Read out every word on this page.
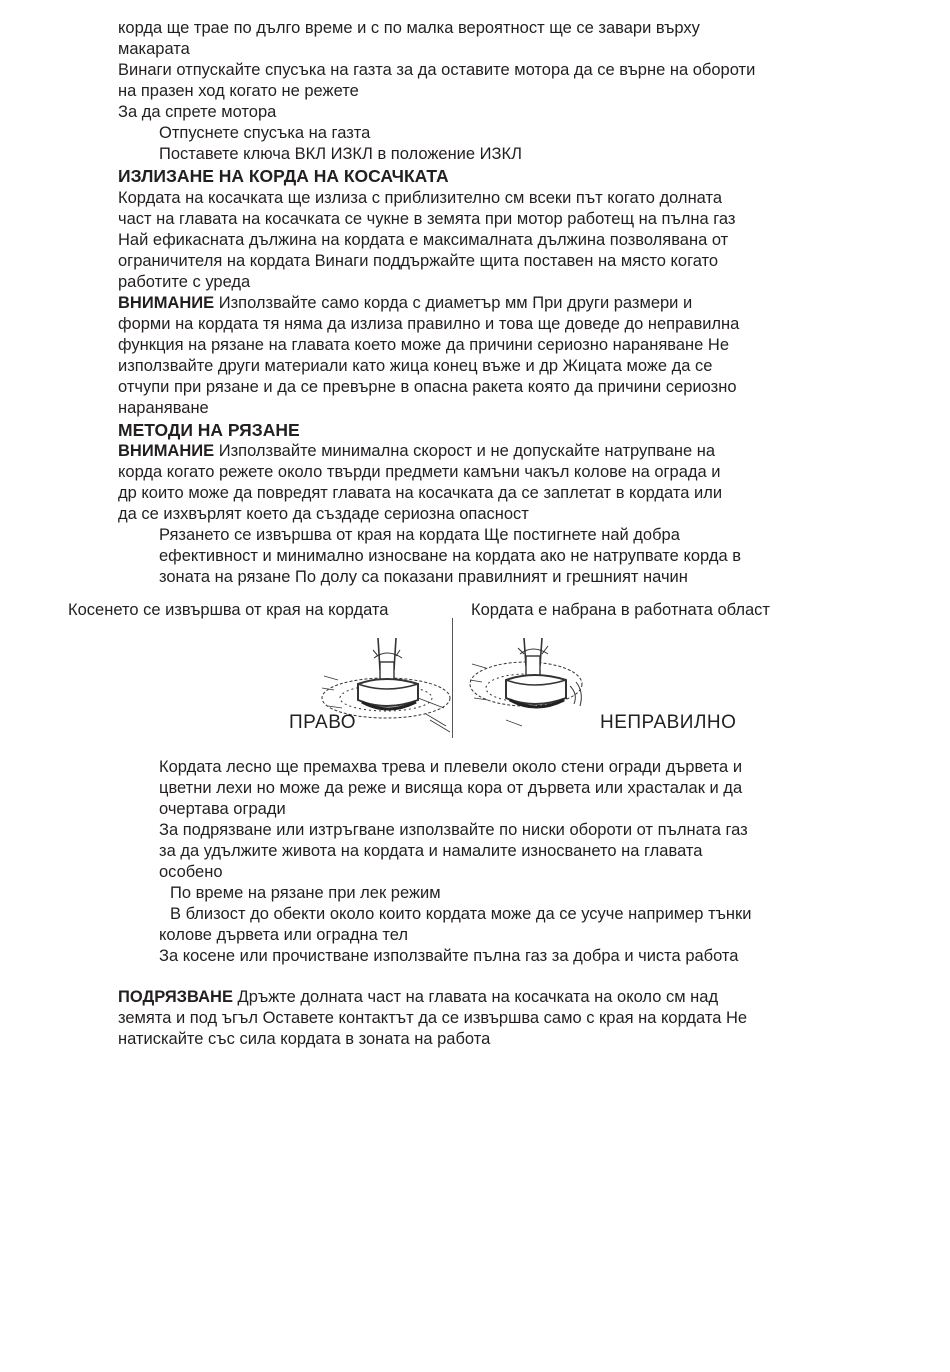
корда ще трае по дълго време и с по малка вероятност ще се завари върху
макарата
Винаги отпускайте спусъка на газта за да оставите мотора да се върне на обороти
на празен ход когато не режете
За да спрете мотора
Отпуснете спусъка на газта
Поставете ключа ВКЛ ИЗКЛ в положение ИЗКЛ
ИЗЛИЗАНЕ НА КОРДА НА КОСАЧКАТА
Кордата на косачката ще излиза с приблизително см всеки път когато долната
част на главата на косачката се чукне в земята при мотор работещ на пълна газ
Най ефикасната дължина на кордата е максималната дължина позволявана от
ограничителя на кордата Винаги поддържайте щита поставен на място когато
работите с уреда
ВНИМАНИЕ Използвайте само корда с диаметър мм При други размери и
форми на кордата тя няма да излиза правилно и това ще доведе до неправилна
функция на рязане на главата което може да причини сериозно нараняване Не
използвайте други материали като жица конец въже и др Жицата може да се
отчупи при рязане и да се превърне в опасна ракета която да причини сериозно
нараняване
МЕТОДИ НА РЯЗАНЕ
ВНИМАНИЕ Използвайте минимална скорост и не допускайте натрупване на
корда когато режете около твърди предмети камъни чакъл колове на ограда и
др които може да повредят главата на косачката да се заплетат в кордата или
да се изхвърлят което да създаде сериозна опасност
Рязането се извършва от края на кордата Ще постигнете най добра
ефективност и минимално износване на кордата ако не натрупвате корда в
зоната на рязане По долу са показани правилният и грешният начин
Косенето се извършва от края на кордата	Кордата е набрана в работната област
ПРАВО	НЕПРАВИЛНО
Кордата лесно ще премахва трева и плевели около стени огради дървета и
цветни лехи но може да реже и висяща кора от дървета или храсталак и да
очертава огради
За подрязване или изтръгване използвайте по ниски обороти от пълната газ
за да удължите живота на кордата и намалите износването на главата
особено
По време на рязане при лек режим
В близост до обекти около които кордата може да се усуче например тънки
колове дървета или оградна тел
За косене или прочистване използвайте пълна газ за добра и чиста работа
ПОДРЯЗВАНЕ Дръжте долната част на главата на косачката на около см над
земята и под ъгъл Оставете контактът да се извършва само с края на кордата Не
натискайте със сила кордата в зоната на работа
